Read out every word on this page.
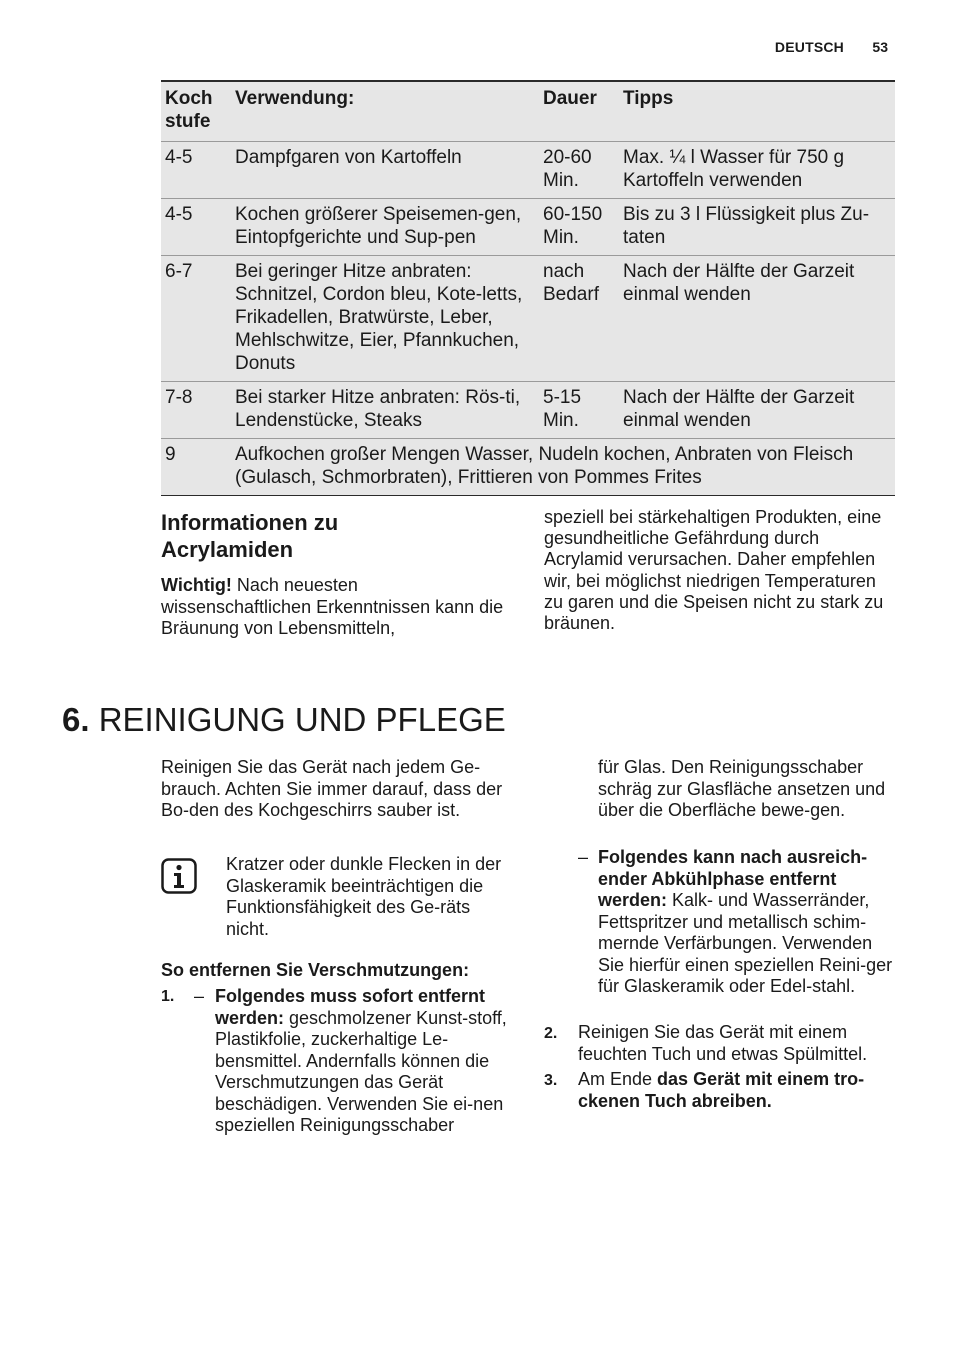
DEUTSCH 53
Koch stufe	Verwendung:	Dauer	Tipps
4-5	Dampfgaren von Kartoffeln	20-60 Min.	Max. ¼ l Wasser für 750 g Kartoffeln verwenden
4-5	Kochen größerer Speisemen-gen, Eintopfgerichte und Sup-pen	60-150 Min.	Bis zu 3 l Flüssigkeit plus Zu-taten
6-7	Bei geringer Hitze anbraten: Schnitzel, Cordon bleu, Kote-letts, Frikadellen, Bratwürste, Leber, Mehlschwitze, Eier, Pfannkuchen, Donuts	nach Bedarf	Nach der Hälfte der Garzeit einmal wenden
7-8	Bei starker Hitze anbraten: Rös-ti, Lendenstücke, Steaks	5-15 Min.	Nach der Hälfte der Garzeit einmal wenden
9	Aufkochen großer Mengen Wasser, Nudeln kochen, Anbraten von Fleisch (Gulasch, Schmorbraten), Frittieren von Pommes Frites		
Informationen zu Acrylamiden
Wichtig! Nach neuesten wissenschaftlichen Erkenntnissen kann die Bräunung von Lebensmitteln,
speziell bei stärkehaltigen Produkten, eine gesundheitliche Gefährdung durch Acrylamid verursachen. Daher empfehlen wir, bei möglichst niedrigen Temperaturen zu garen und die Speisen nicht zu stark zu bräunen.
6. REINIGUNG UND PFLEGE
Reinigen Sie das Gerät nach jedem Ge-brauch. Achten Sie immer darauf, dass der Bo-den des Kochgeschirrs sauber ist.
Kratzer oder dunkle Flecken in der Glaskeramik beeinträchtigen die Funktionsfähigkeit des Ge-räts nicht.
So entfernen Sie Verschmutzungen:
1. – Folgendes muss sofort entfernt werden: geschmolzener Kunst-stoff, Plastikfolie, zuckerhaltige Le-bensmittel. Andernfalls können die Verschmutzungen das Gerät beschädigen. Verwenden Sie ei-nen speziellen Reinigungsschaber
für Glas. Den Reinigungsschaber schräg zur Glasfläche ansetzen und über die Oberfläche bewe-gen.
– Folgendes kann nach ausreich-ender Abkühlphase entfernt werden: Kalk- und Wasserränder, Fettspritzer und metallisch schim-mernde Verfärbungen. Verwenden Sie hierfür einen speziellen Reini-ger für Glaskeramik oder Edel-stahl.
2. Reinigen Sie das Gerät mit einem feuchten Tuch und etwas Spülmittel.
3. Am Ende das Gerät mit einem tro-ckenen Tuch abreiben.
